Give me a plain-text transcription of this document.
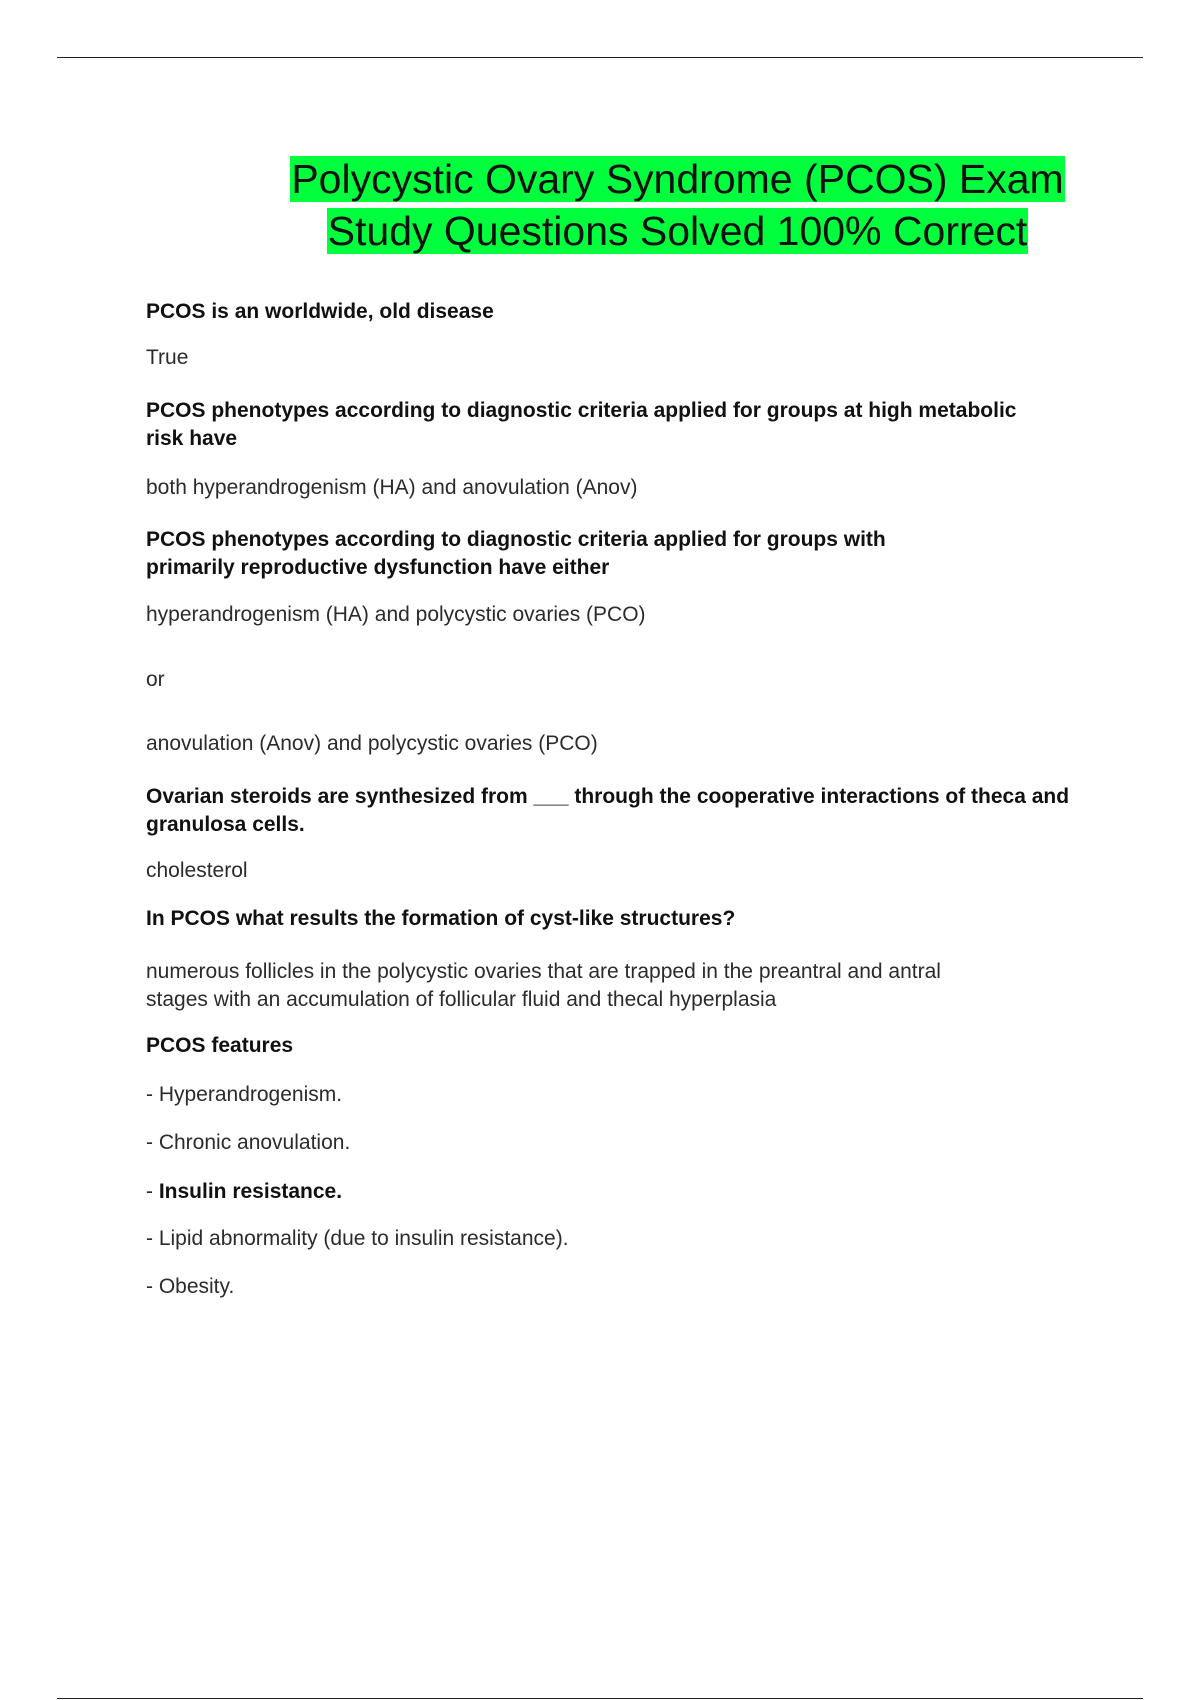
Polycystic Ovary Syndrome (PCOS) Exam
Study Questions Solved 100% Correct

PCOS is an worldwide, old disease

True

PCOS phenotypes according to diagnostic criteria applied for groups at high metabolic
risk have

both hyperandrogenism (HA) and anovulation (Anov)

PCOS phenotypes according to diagnostic criteria applied for groups with
primarily reproductive dysfunction have either

hyperandrogenism (HA) and polycystic ovaries (PCO)

or

anovulation (Anov) and polycystic ovaries (PCO)

Ovarian steroids are synthesized from ___ through the cooperative interactions of theca and
granulosa cells.

cholesterol

In PCOS what results the formation of cyst-like structures?

numerous follicles in the polycystic ovaries that are trapped in the preantral and antral
stages with an accumulation of follicular fluid and thecal hyperplasia

PCOS features

- Hyperandrogenism.

- Chronic anovulation.

- Insulin resistance.

- Lipid abnormality (due to insulin resistance).

- Obesity.
